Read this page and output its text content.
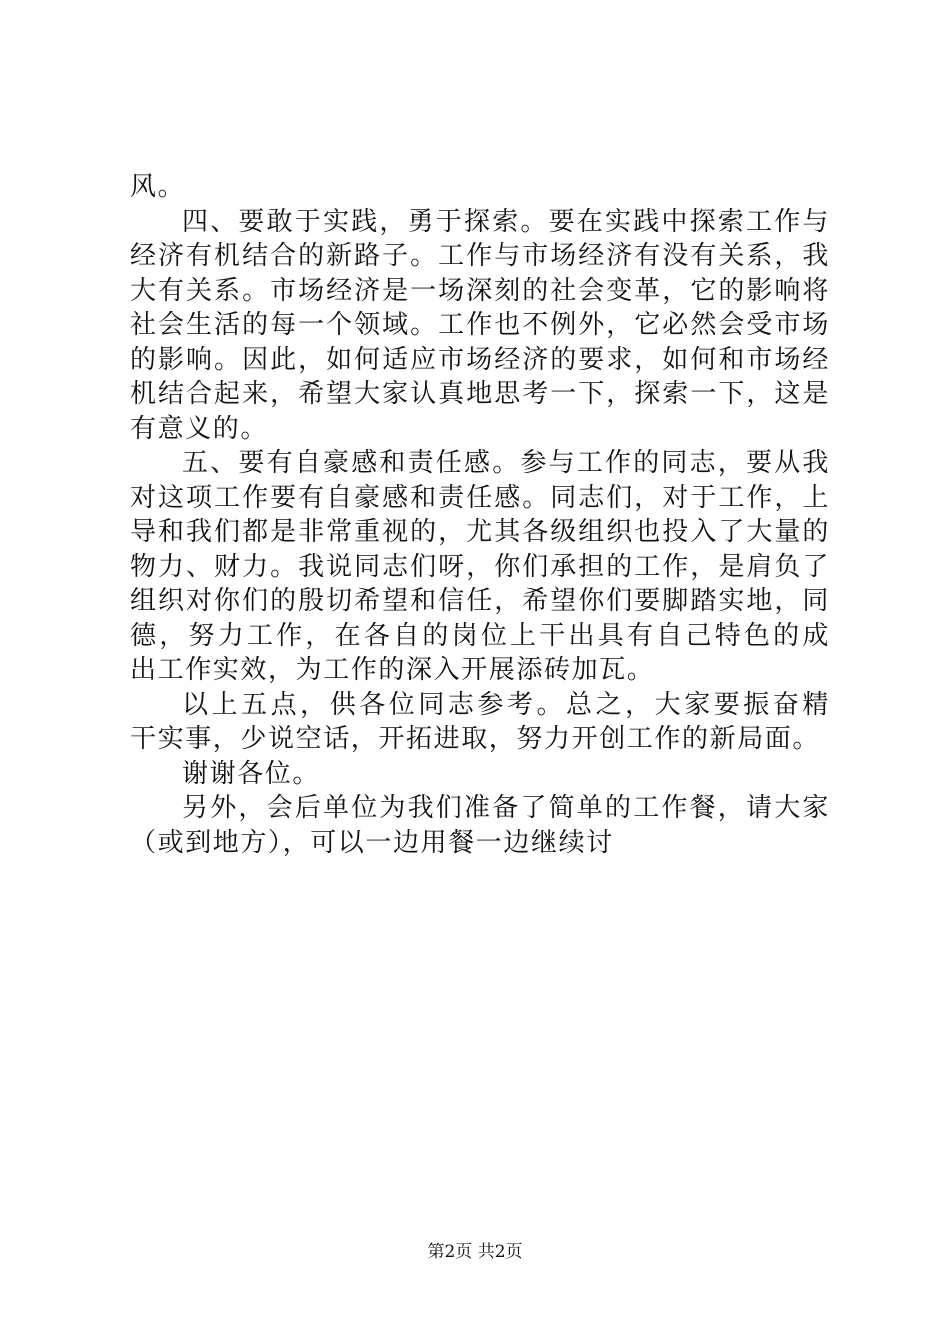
风。
四、要敢于实践，勇于探索。要在实践中探索工作与
经济有机结合的新路子。工作与市场经济有没有关系，我
大有关系。市场经济是一场深刻的社会变革，它的影响将
社会生活的每一个领域。工作也不例外，它必然会受市场
的影响。因此，如何适应市场经济的要求，如何和市场经
机结合起来，希望大家认真地思考一下，探索一下，这是
有意义的。
五、要有自豪感和责任感。参与工作的同志，要从我
对这项工作要有自豪感和责任感。同志们，对于工作，上
导和我们都是非常重视的，尤其各级组织也投入了大量的
物力、财力。我说同志们呀，你们承担的工作，是肩负了
组织对你们的殷切希望和信任，希望你们要脚踏实地，同
德，努力工作，在各自的岗位上干出具有自己特色的成
出工作实效，为工作的深入开展添砖加瓦。
以上五点，供各位同志参考。总之，大家要振奋精
干实事，少说空话，开拓进取，努力开创工作的新局面。
谢谢各位。
另外，会后单位为我们准备了简单的工作餐，请大家
（或到地方），可以一边用餐一边继续讨
第2页 共2页
